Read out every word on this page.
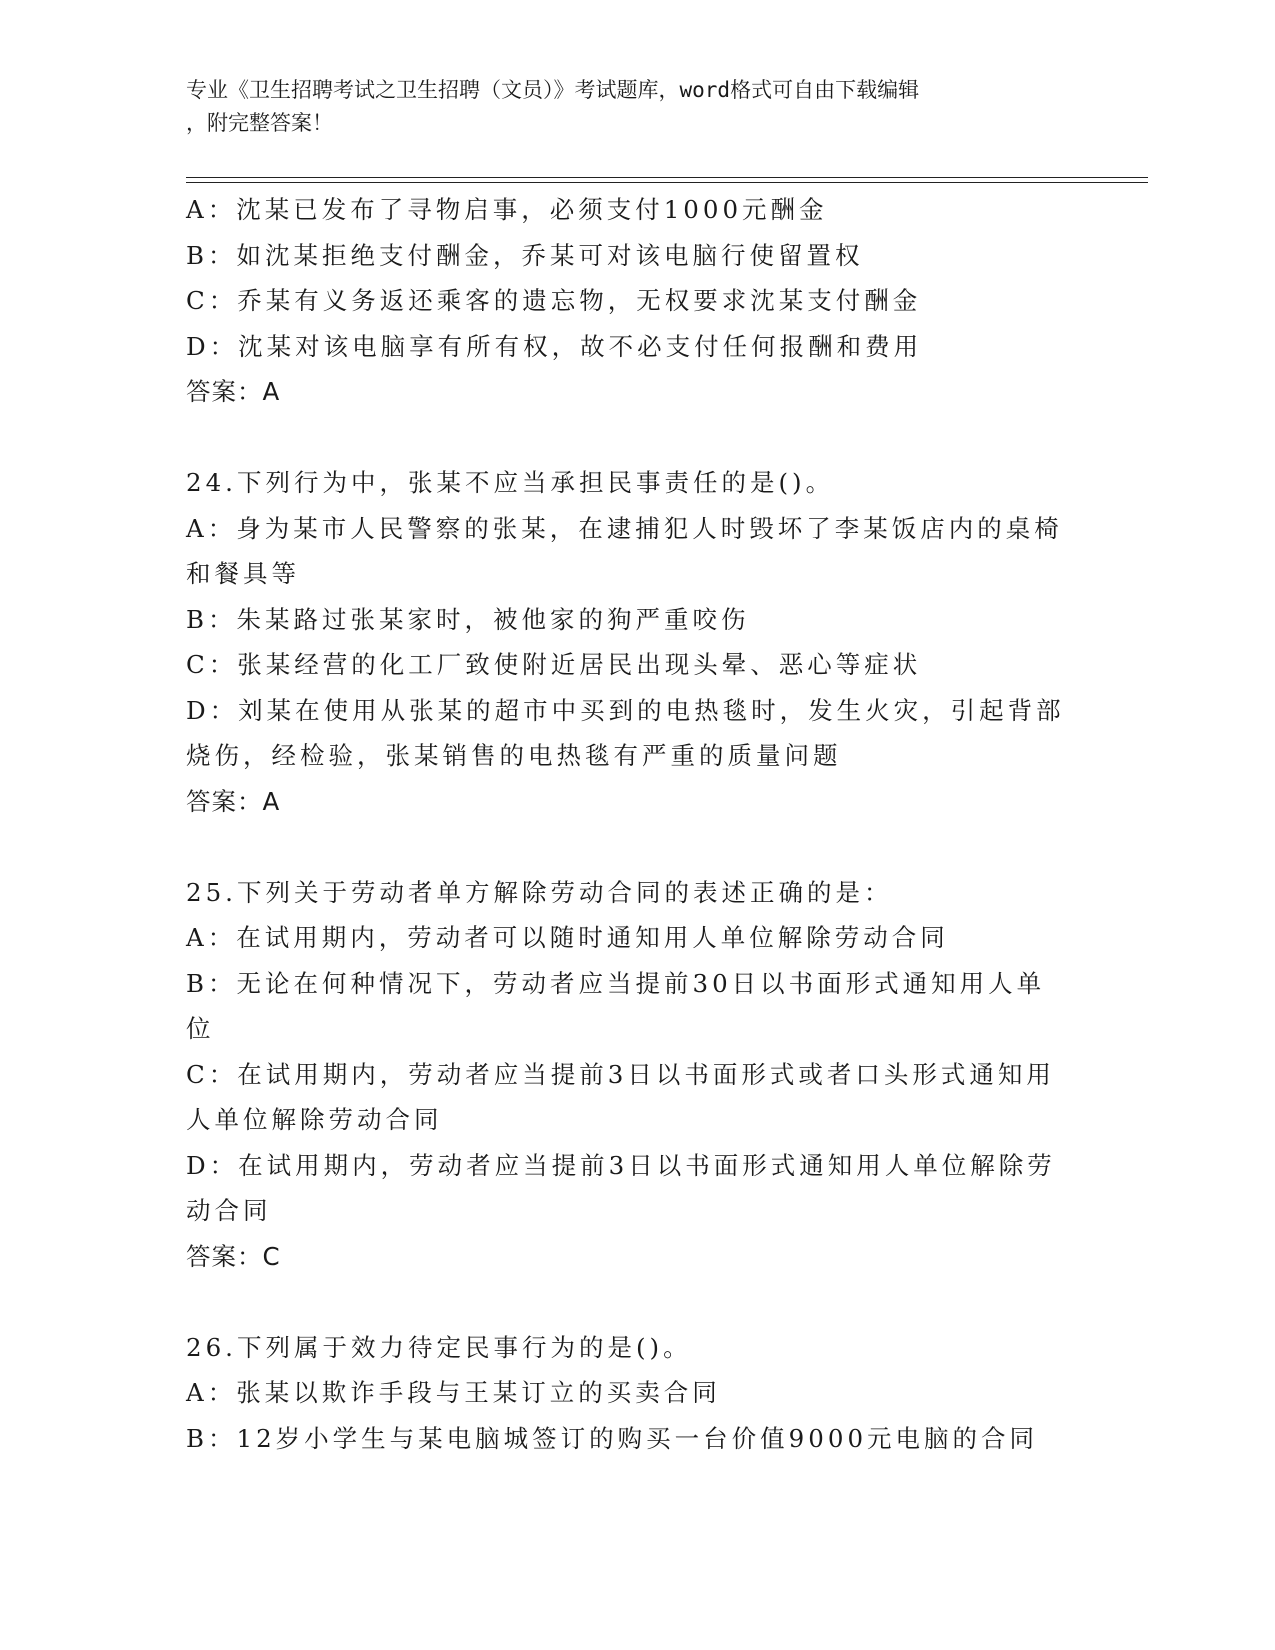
专业《卫生招聘考试之卫生招聘（文员）》考试题库，word格式可自由下载编辑
，附完整答案！
A：沈某已发布了寻物启事，必须支付1000元酬金
B：如沈某拒绝支付酬金，乔某可对该电脑行使留置权
C：乔某有义务返还乘客的遗忘物，无权要求沈某支付酬金
D：沈某对该电脑享有所有权，故不必支付任何报酬和费用
答案：A
24.下列行为中，张某不应当承担民事责任的是()。
A：身为某市人民警察的张某，在逮捕犯人时毁坏了李某饭店内的桌椅
和餐具等
B：朱某路过张某家时，被他家的狗严重咬伤
C：张某经营的化工厂致使附近居民出现头晕、恶心等症状
D：刘某在使用从张某的超市中买到的电热毯时，发生火灾，引起背部
烧伤，经检验，张某销售的电热毯有严重的质量问题
答案：A
25.下列关于劳动者单方解除劳动合同的表述正确的是：
A：在试用期内，劳动者可以随时通知用人单位解除劳动合同
B：无论在何种情况下，劳动者应当提前30日以书面形式通知用人单
位
C：在试用期内，劳动者应当提前3日以书面形式或者口头形式通知用
人单位解除劳动合同
D：在试用期内，劳动者应当提前3日以书面形式通知用人单位解除劳
动合同
答案：C
26.下列属于效力待定民事行为的是()。
A：张某以欺诈手段与王某订立的买卖合同
B：12岁小学生与某电脑城签订的购买一台价值9000元电脑的合同
